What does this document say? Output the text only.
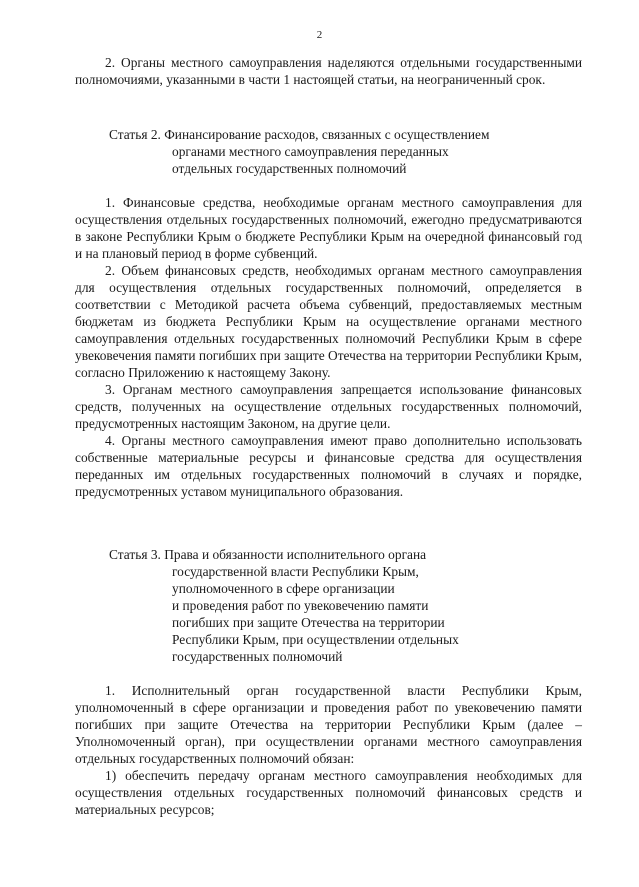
2

2. Органы местного самоуправления наделяются отдельными государственными полномочиями, указанными в части 1 настоящей статьи, на неограниченный срок.

Статья 2. Финансирование расходов, связанных с осуществлением
органами местного самоуправления переданных
отдельных государственных полномочий

1. Финансовые средства, необходимые органам местного самоуправления для осуществления отдельных государственных полномочий, ежегодно предусматриваются в законе Республики Крым о бюджете Республики Крым на очередной финансовый год и на плановый период в форме субвенций.

2. Объем финансовых средств, необходимых органам местного самоуправления для осуществления отдельных государственных полномочий, определяется в соответствии с Методикой расчета объема субвенций, предоставляемых местным бюджетам из бюджета Республики Крым на осуществление органами местного самоуправления отдельных государственных полномочий Республики Крым в сфере увековечения памяти погибших при защите Отечества на территории Республики Крым, согласно Приложению к настоящему Закону.

3. Органам местного самоуправления запрещается использование финансовых средств, полученных на осуществление отдельных государственных полномочий, предусмотренных настоящим Законом, на другие цели.

4. Органы местного самоуправления имеют право дополнительно использовать собственные материальные ресурсы и финансовые средства для осуществления переданных им отдельных государственных полномочий в случаях и порядке, предусмотренных уставом муниципального образования.

Статья 3. Права и обязанности исполнительного органа
государственной власти Республики Крым,
уполномоченного в сфере организации
и проведения работ по увековечению памяти
погибших при защите Отечества на территории
Республики Крым, при осуществлении отдельных
государственных полномочий

1. Исполнительный орган государственной власти Республики Крым, уполномоченный в сфере организации и проведения работ по увековечению памяти погибших при защите Отечества на территории Республики Крым (далее – Уполномоченный орган), при осуществлении органами местного самоуправления отдельных государственных полномочий обязан:

1) обеспечить передачу органам местного самоуправления необходимых для осуществления отдельных государственных полномочий финансовых средств и материальных ресурсов;
